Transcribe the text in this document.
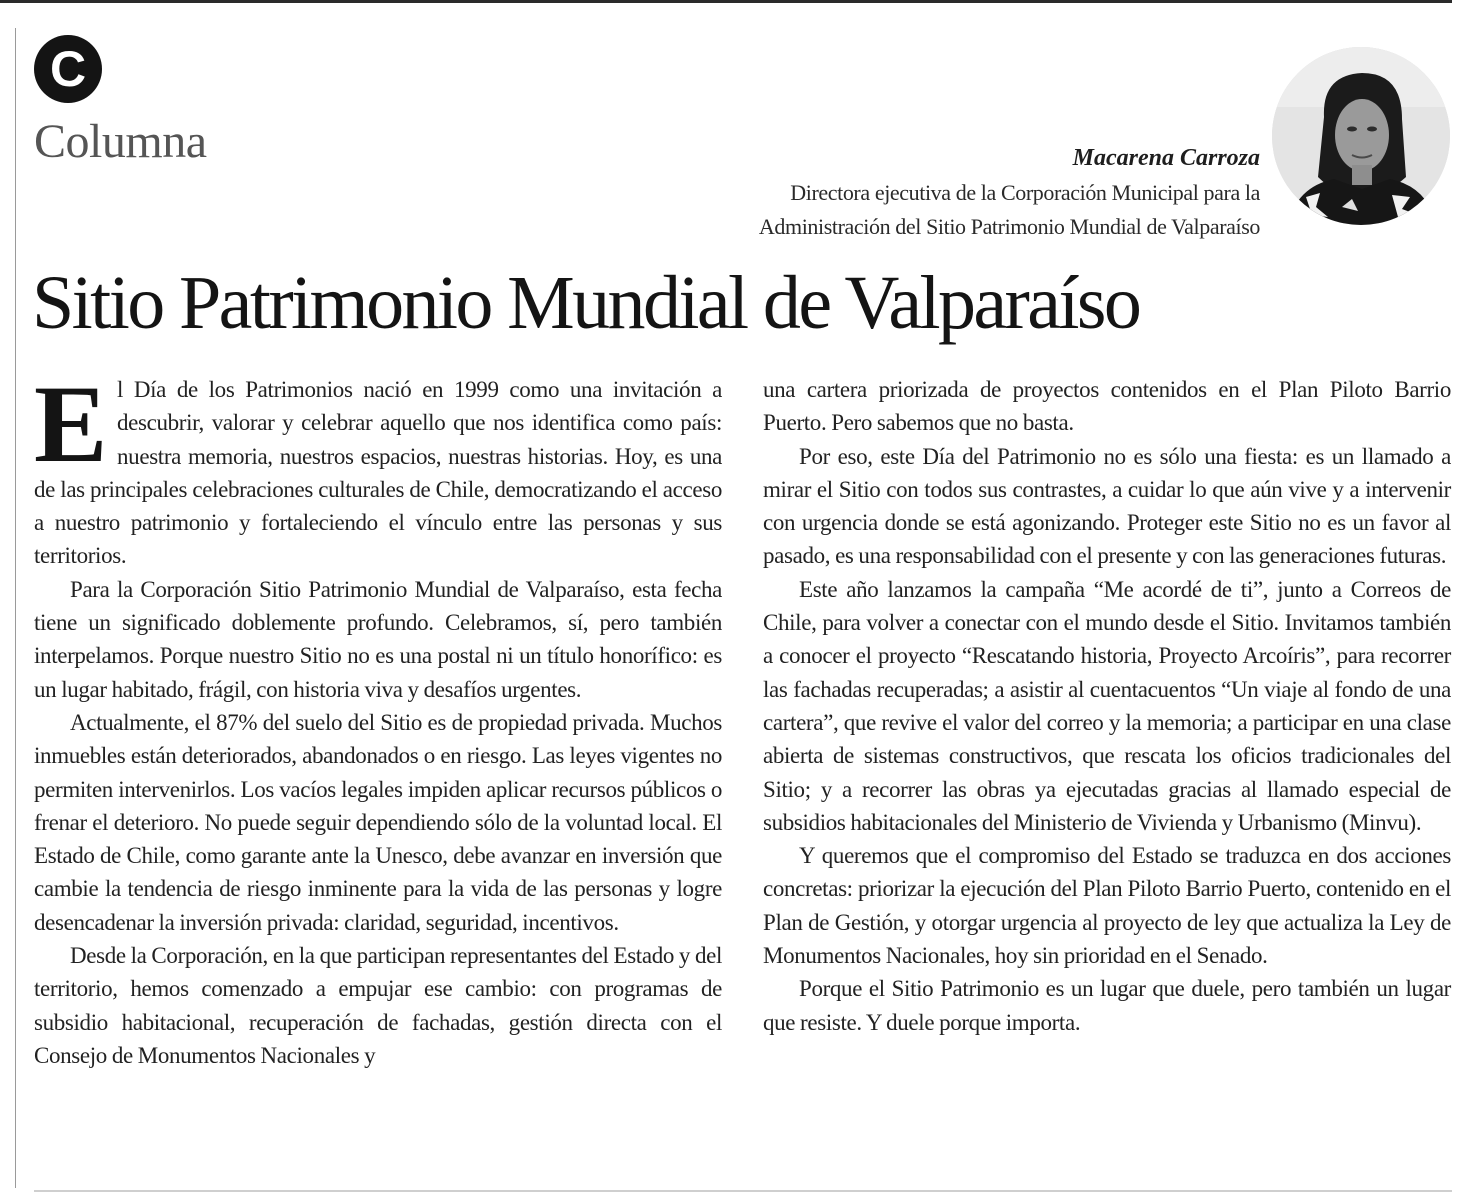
C
Columna	Macarena Carroza
Directora ejecutiva de la Corporación Municipal para la
Administración del Sitio Patrimonio Mundial de Valparaíso
Sitio Patrimonio Mundial de Valparaíso

El Día de los Patrimonios nació en 1999 como una invitación a descubrir, valorar y celebrar aquello que nos identifica como país: nuestra memoria, nuestros espacios, nuestras historias. Hoy, es una de las principales celebraciones culturales de Chile, democratizando el acceso a nuestro patrimonio y fortaleciendo el vínculo entre las personas y sus territorios.

Para la Corporación Sitio Patrimonio Mundial de Valparaíso, esta fecha tiene un significado doblemente profundo. Celebramos, sí, pero también interpelamos. Porque nuestro Sitio no es una postal ni un título honorífico: es un lugar habitado, frágil, con historia viva y desafíos urgentes.

Actualmente, el 87% del suelo del Sitio es de propiedad privada. Muchos inmuebles están deteriorados, abandonados o en riesgo. Las leyes vigentes no permiten intervenirlos. Los vacíos legales impiden aplicar recursos públicos o frenar el deterioro. No puede seguir dependiendo sólo de la voluntad local. El Estado de Chile, como garante ante la Unesco, debe avanzar en inversión que cambie la tendencia de riesgo inminente para la vida de las personas y logre desencadenar la inversión privada: claridad, seguridad, incentivos.

Desde la Corporación, en la que participan representantes del Estado y del territorio, hemos comenzado a empujar ese cambio: con programas de subsidio habitacional, recuperación de fachadas, gestión directa con el Consejo de Monumentos Nacionales y

una cartera priorizada de proyectos contenidos en el Plan Piloto Barrio Puerto. Pero sabemos que no basta.

Por eso, este Día del Patrimonio no es sólo una fiesta: es un llamado a mirar el Sitio con todos sus contrastes, a cuidar lo que aún vive y a intervenir con urgencia donde se está agonizando. Proteger este Sitio no es un favor al pasado, es una responsabilidad con el presente y con las generaciones futuras.

Este año lanzamos la campaña “Me acordé de ti”, junto a Correos de Chile, para volver a conectar con el mundo desde el Sitio. Invitamos también a conocer el proyecto “Rescatando historia, Proyecto Arcoíris”, para recorrer las fachadas recuperadas; a asistir al cuentacuentos “Un viaje al fondo de una cartera”, que revive el valor del correo y la memoria; a participar en una clase abierta de sistemas constructivos, que rescata los oficios tradicionales del Sitio; y a recorrer las obras ya ejecutadas gracias al llamado especial de subsidios habitacionales del Ministerio de Vivienda y Urbanismo (Minvu).

Y queremos que el compromiso del Estado se traduzca en dos acciones concretas: priorizar la ejecución del Plan Piloto Barrio Puerto, contenido en el Plan de Gestión, y otorgar urgencia al proyecto de ley que actualiza la Ley de Monumentos Nacionales, hoy sin prioridad en el Senado.

Porque el Sitio Patrimonio es un lugar que duele, pero también un lugar que resiste. Y duele porque importa.
